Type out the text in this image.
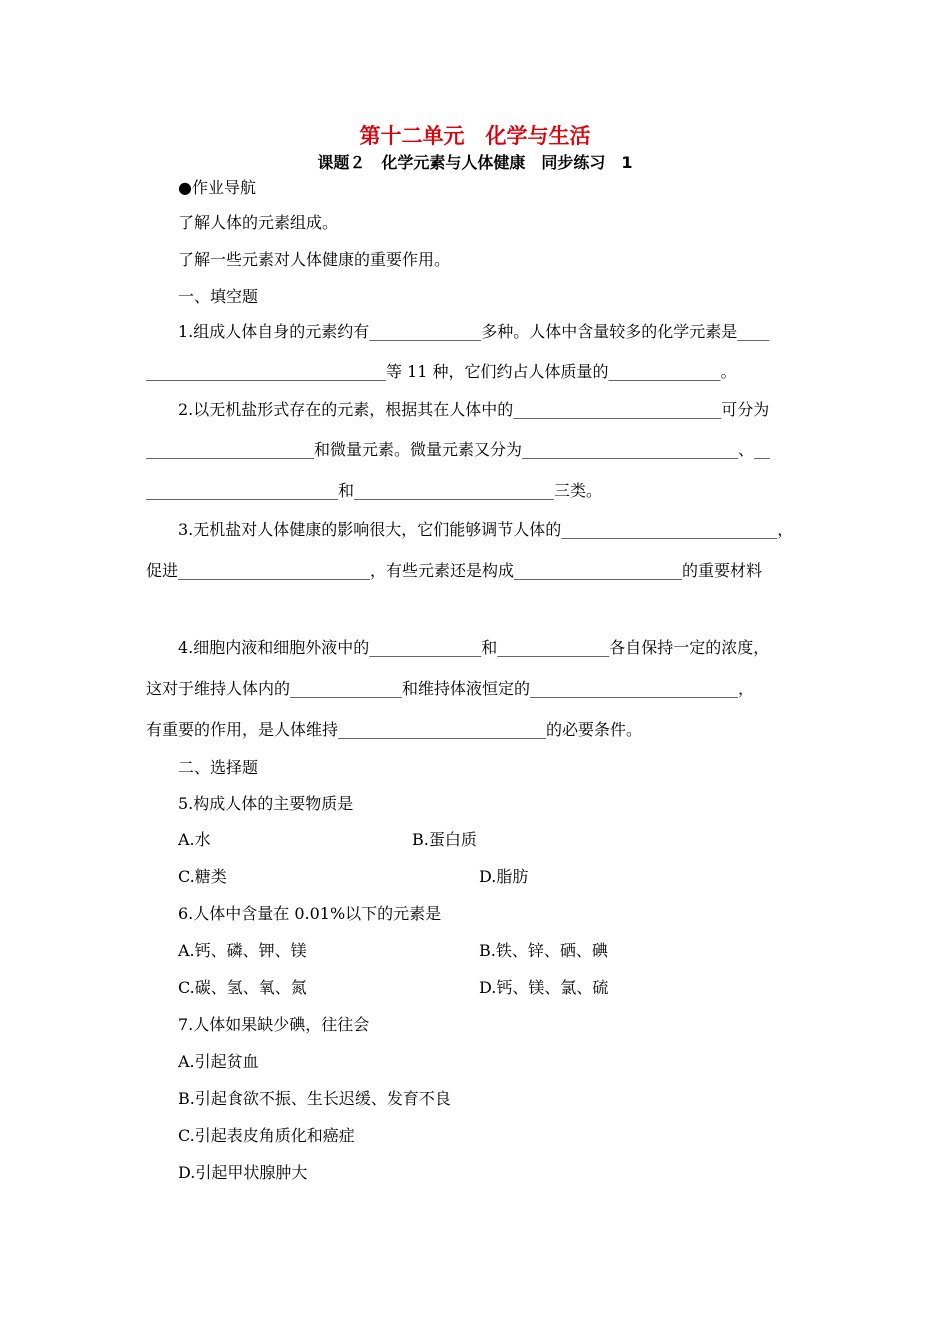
第十二单元　化学与生活
课题２　化学元素与人体健康　同步练习　1
●作业导航
了解人体的元素组成。
了解一些元素对人体健康的重要作用。
一、填空题
1.组成人体自身的元素约有______________多种。人体中含量较多的化学元素是____
______________________________等 11 种，它们约占人体质量的______________。
2.以无机盐形式存在的元素，根据其在人体中的__________________________可分为
_____________________和微量元素。微量元素又分为___________________________、__
________________________和_________________________三类。
3.无机盐对人体健康的影响很大，它们能够调节人体的___________________________，
促进________________________，有些元素还是构成_____________________的重要材料
4.细胞内液和细胞外液中的______________和______________各自保持一定的浓度，
这对于维持人体内的______________和维持体液恒定的__________________________，
有重要的作用，是人体维持__________________________的必要条件。
二、选择题
5.构成人体的主要物质是
A.水	B.蛋白质
C.糖类	D.脂肪
6.人体中含量在 0.01%以下的元素是
A.钙、磷、钾、镁	B.铁、锌、硒、碘
C.碳、氢、氧、氮	D.钙、镁、氯、硫
7.人体如果缺少碘，往往会
A.引起贫血
B.引起食欲不振、生长迟缓、发育不良
C.引起表皮角质化和癌症
D.引起甲状腺肿大
